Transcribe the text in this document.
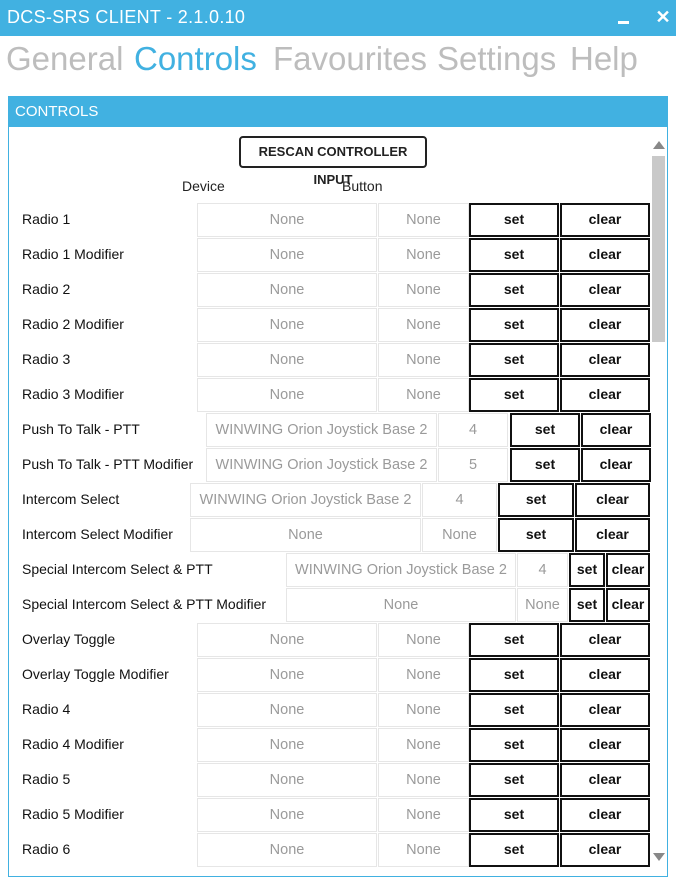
DCS-SRS CLIENT - 2.1.0.10	✕
General Controls Favourites Settings Help
CONTROLS
RESCAN CONTROLLER INPUT
Device	Button
Radio 1	None	None	set	clear
Radio 1 Modifier	None	None	set	clear
Radio 2	None	None	set	clear
Radio 2 Modifier	None	None	set	clear
Radio 3	None	None	set	clear
Radio 3 Modifier	None	None	set	clear
Push To Talk - PTT	WINWING Orion Joystick Base 2	4	set	clear
Push To Talk - PTT Modifier	WINWING Orion Joystick Base 2	5	set	clear
Intercom Select	WINWING Orion Joystick Base 2	4	set	clear
Intercom Select Modifier	None	None	set	clear
Special Intercom Select & PTT	WINWING Orion Joystick Base 2	4	set	clear
Special Intercom Select & PTT Modifier	None	None	set	clear
Overlay Toggle	None	None	set	clear
Overlay Toggle Modifier	None	None	set	clear
Radio 4	None	None	set	clear
Radio 4 Modifier	None	None	set	clear
Radio 5	None	None	set	clear
Radio 5 Modifier	None	None	set	clear
Radio 6	None	None	set	clear
